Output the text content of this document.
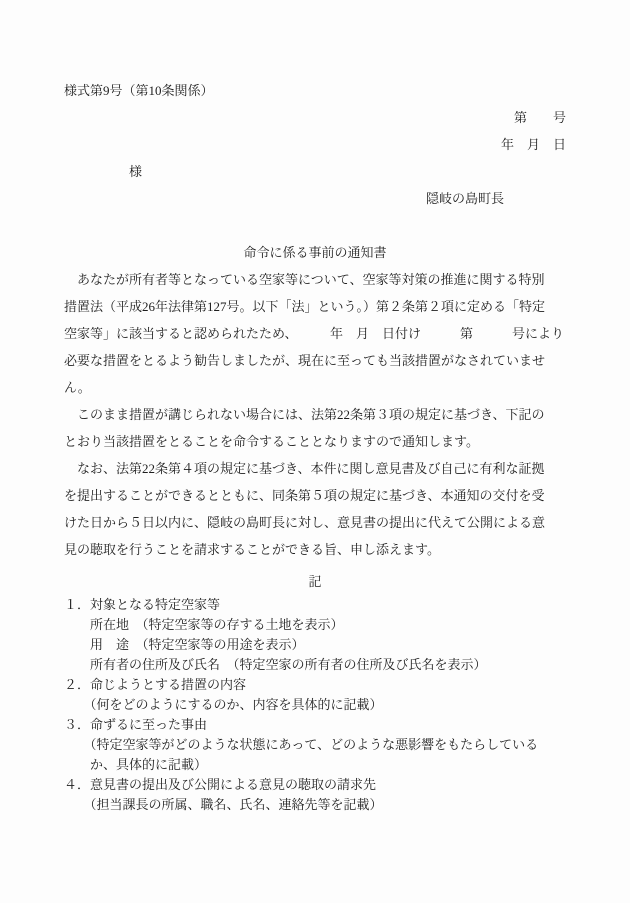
様式第9号（第10条関係）
第　　号
年　月　日
　　　　　様
隠岐の島町長
命令に係る事前の通知書
　あなたが所有者等となっている空家等について、空家等対策の推進に関する特別
措置法（平成26年法律第127号。以下「法」という。）第２条第２項に定める「特定
空家等」に該当すると認められたため、　　　年　月　日付け　　　第　　　号により
必要な措置をとるよう勧告しましたが、現在に至っても当該措置がなされていませ
ん。
　このまま措置が講じられない場合には、法第22条第３項の規定に基づき、下記の
とおり当該措置をとることを命令することとなりますので通知します。
　なお、法第22条第４項の規定に基づき、本件に関し意見書及び自己に有利な証拠
を提出することができるとともに、同条第５項の規定に基づき、本通知の交付を受
けた日から５日以内に、隠岐の島町長に対し、意見書の提出に代えて公開による意
見の聴取を行うことを請求することができる旨、申し添えます。
記
１．対象となる特定空家等
　　所在地　（特定空家等の存する土地を表示）
　　用　途　（特定空家等の用途を表示）
　　所有者の住所及び氏名　（特定空家の所有者の住所及び氏名を表示）
２．命じようとする措置の内容
　　（何をどのようにするのか、内容を具体的に記載）
３．命ずるに至った事由
　　（特定空家等がどのような状態にあって、どのような悪影響をもたらしている
　　か、具体的に記載）
４．意見書の提出及び公開による意見の聴取の請求先
　　（担当課長の所属、職名、氏名、連絡先等を記載）
